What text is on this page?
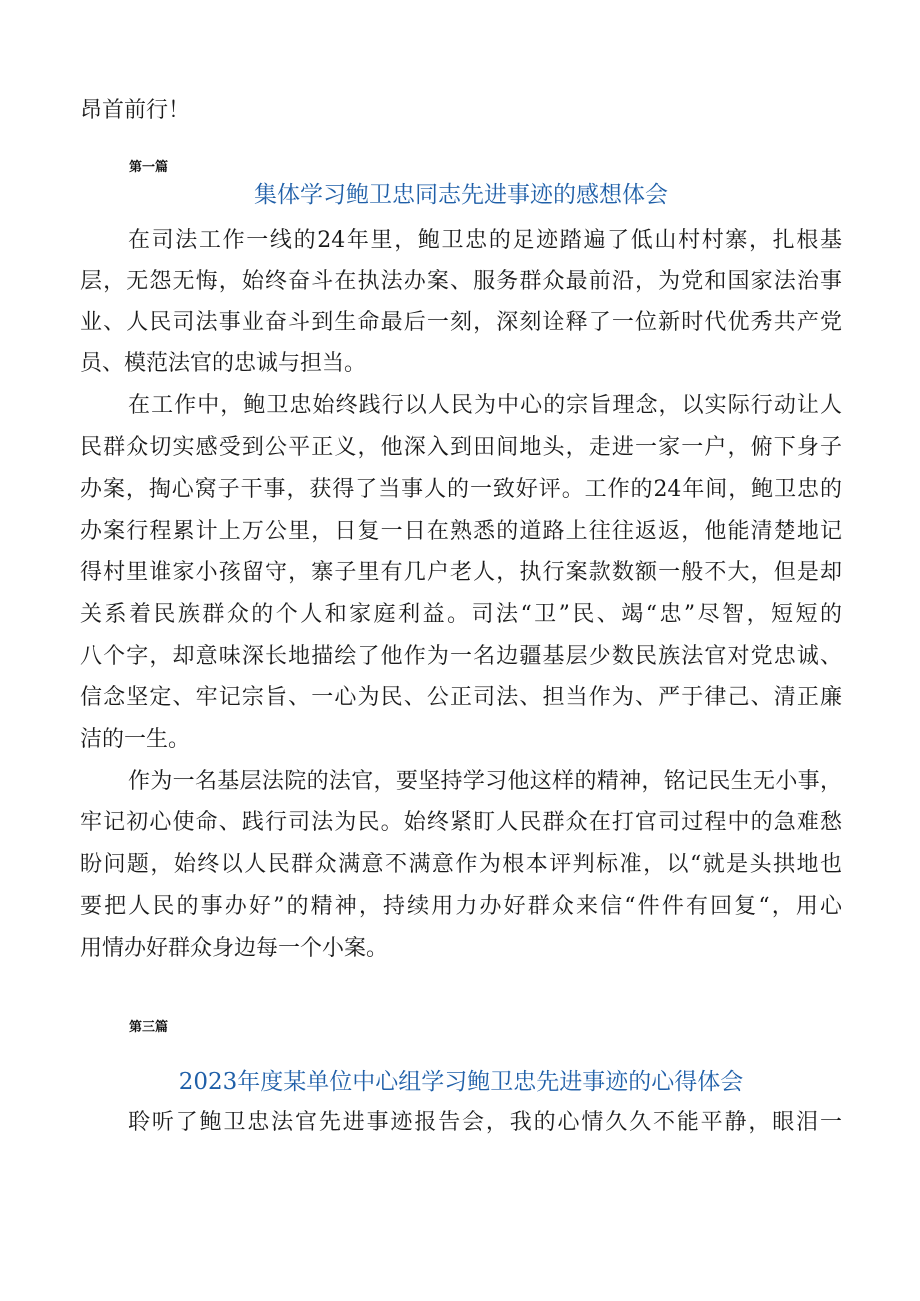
昂首前行！
第一篇
集体学习鲍卫忠同志先进事迹的感想体会
在司法工作一线的24年里，鲍卫忠的足迹踏遍了低山村村寨，扎根基
层，无怨无悔，始终奋斗在执法办案、服务群众最前沿，为党和国家法治事
业、人民司法事业奋斗到生命最后一刻，深刻诠释了一位新时代优秀共产党
员、模范法官的忠诚与担当。
在工作中，鲍卫忠始终践行以人民为中心的宗旨理念，以实际行动让人
民群众切实感受到公平正义，他深入到田间地头，走进一家一户，俯下身子
办案，掏心窝子干事，获得了当事人的一致好评。工作的24年间，鲍卫忠的
办案行程累计上万公里，日复一日在熟悉的道路上往往返返，他能清楚地记
得村里谁家小孩留守，寨子里有几户老人，执行案款数额一般不大，但是却
关系着民族群众的个人和家庭利益。司法“卫”民、竭“忠”尽智，短短的
八个字，却意味深长地描绘了他作为一名边疆基层少数民族法官对党忠诚、
信念坚定、牢记宗旨、一心为民、公正司法、担当作为、严于律己、清正廉
洁的一生。
作为一名基层法院的法官，要坚持学习他这样的精神，铭记民生无小事，
牢记初心使命、践行司法为民。始终紧盯人民群众在打官司过程中的急难愁
盼问题，始终以人民群众满意不满意作为根本评判标准，以“就是头拱地也
要把人民的事办好”的精神，持续用力办好群众来信“件件有回复“，用心
用情办好群众身边每一个小案。
第三篇
2023年度某单位中心组学习鲍卫忠先进事迹的心得体会
聆听了鲍卫忠法官先进事迹报告会，我的心情久久不能平静，眼泪一
